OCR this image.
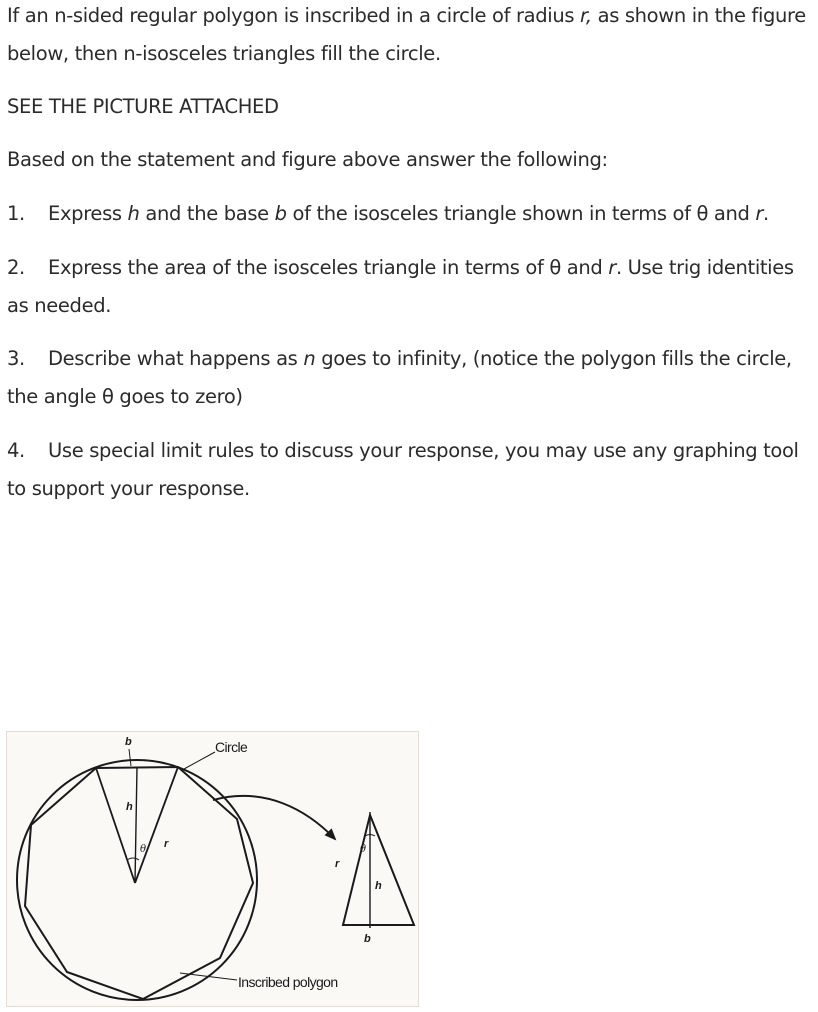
If an n-sided regular polygon is inscribed in a circle of radius r, as shown in the figure below, then n-isosceles triangles fill the circle.

SEE THE PICTURE ATTACHED

Based on the statement and figure above answer the following:

1. Express h and the base b of the isosceles triangle shown in terms of θ and r.

2. Express the area of the isosceles triangle in terms of θ and r. Use trig identities as needed.

3. Describe what happens as n goes to infinity, (notice the polygon fills the circle, the angle θ goes to zero)

4. Use special limit rules to discuss your response, you may use any graphing tool to support your response.

b
h
θ r
Circle
θ
r
h
b
Inscribed polygon
